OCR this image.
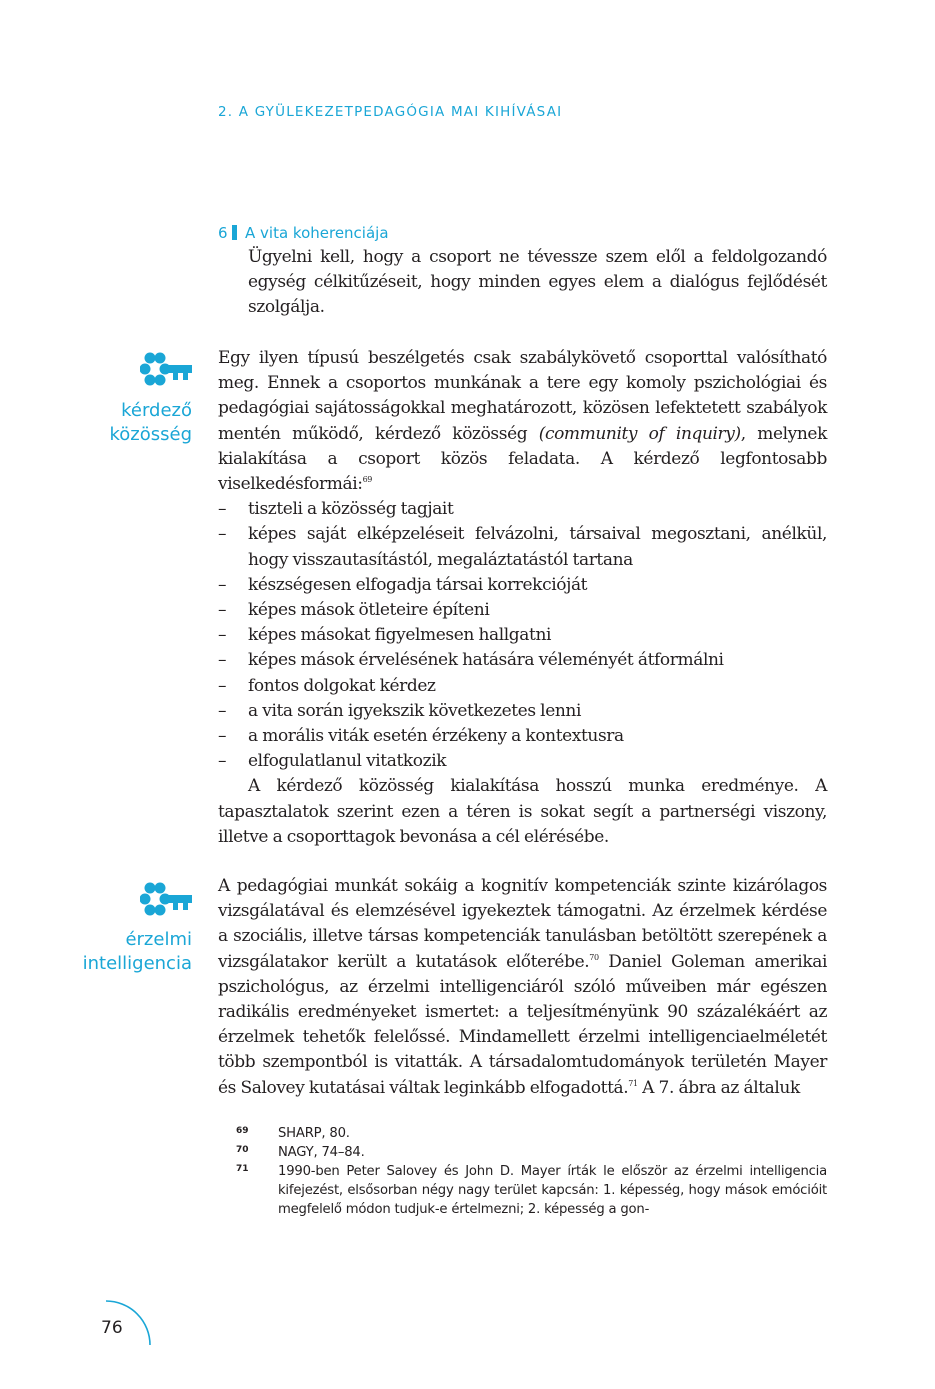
2. A GYÜLEKEZETPEDAGÓGIA MAI KIHÍVÁSAI
6 A vita koherenciája

Ügyelni kell, hogy a csoport ne tévessze szem elől a feldolgozandó egység célkitűzéseit, hogy minden egyes elem a dialógus fejlődését szolgálja.

kérdező közösség

Egy ilyen típusú beszélgetés csak szabálykövető csoporttal valósítható meg. Ennek a csoportos munkának a tere egy komoly pszichológiai és pedagógiai sajátosságokkal meghatározott, közösen lefektetett szabályok mentén működő, kérdező közösség (community of inquiry), melynek kialakítása a csoport közös feladata. A kérdező legfontosabb viselkedésformái:$^{69}$

– tiszteli a közösség tagjait
– képes saját elképzeléseit felvázolni, társaival megosztani, anélkül, hogy visszautasítástól, megaláztatástól tartana
– készségesen elfogadja társai korrekcióját
– képes mások ötleteire építeni
– képes másokat figyelmesen hallgatni
– képes mások érvelésének hatására véleményét átformálni
– fontos dolgokat kérdez
– a vita során igyekszik következetes lenni
– a morális viták esetén érzékeny a kontextusra
– elfogulatlanul vitatkozik

A kérdező közösség kialakítása hosszú munka eredménye. A tapasztalatok szerint ezen a téren is sokat segít a partnerségi viszony, illetve a csoporttagok bevonása a cél elérésébe.

érzelmi intelligencia

A pedagógiai munkát sokáig a kognitív kompetenciák szinte kizárólagos vizsgálatával és elemzésével igyekeztek támogatni. Az érzelmek kérdése a szociális, illetve társas kompetenciák tanulásban betöltött szerepének a vizsgálatakor került a kutatások előterébe.$^{70}$ Daniel Goleman amerikai pszichológus, az érzelmi intelligenciáról szóló műveiben már egészen radikális eredményeket ismertet: a teljesítményünk 90 százalékáért az érzelmek tehetők felelőssé. Mindamellett érzelmi intelligenciaelméletét több szempontból is vitatták. A társadalomtudományok területén Mayer és Salovey kutatásai váltak leginkább elfogadottá.$^{71}$ A 7. ábra az általuk

69	SHARP, 80.
70	NAGY, 74–84.
71	1990-ben Peter Salovey és John D. Mayer írták le először az érzelmi intelligencia kifejezést, elsősorban négy nagy terület kapcsán: 1. képesség, hogy mások emócióit megfelelő módon tudjuk-e értelmezni; 2. képesség a gon-
76
